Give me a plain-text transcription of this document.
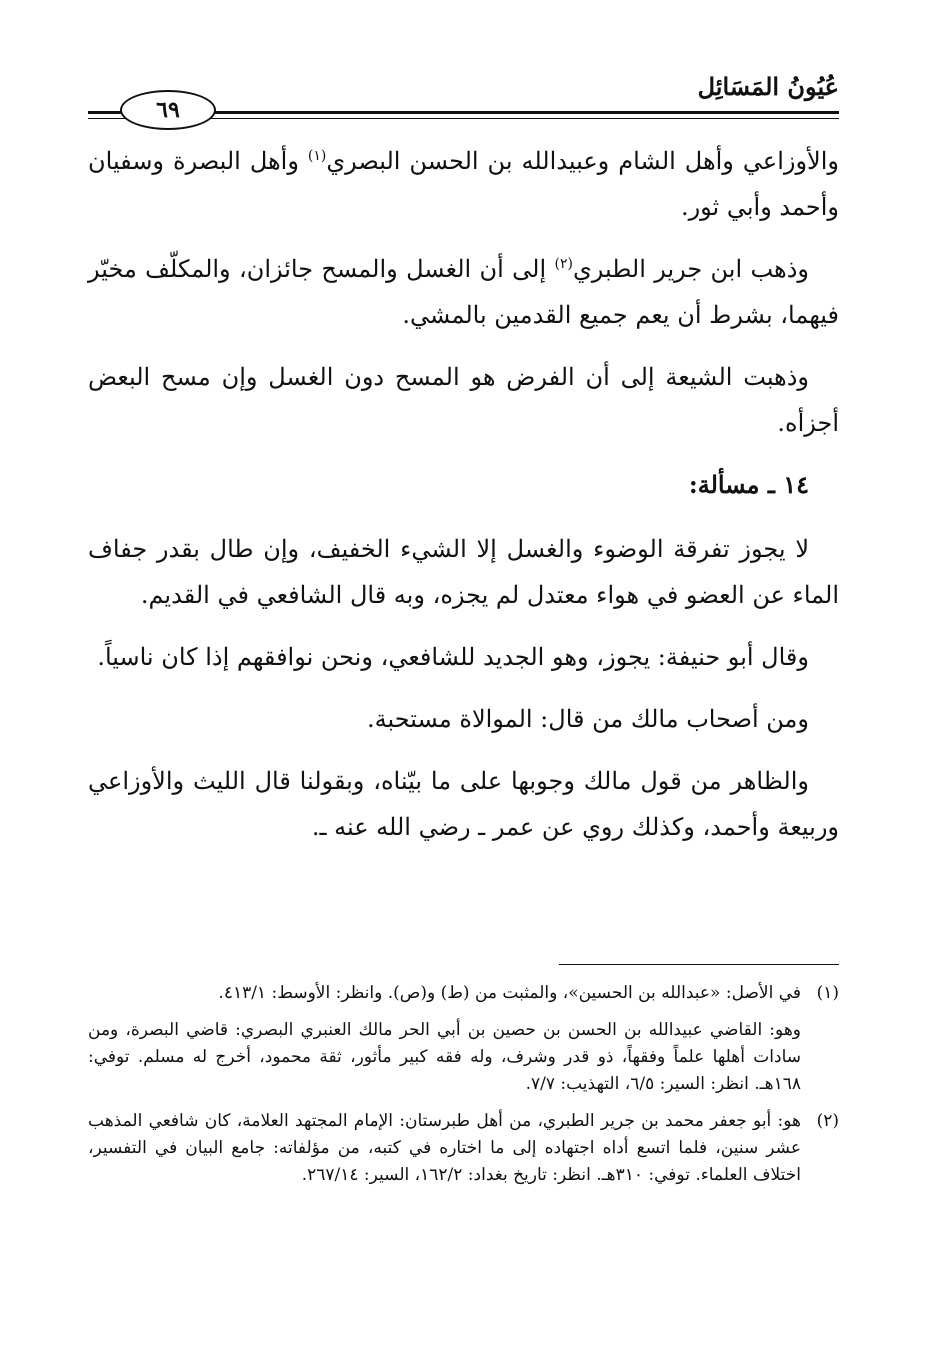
عُيُونُ المَسَائِل
٦٩

والأوزاعي وأهل الشام وعبيدالله بن الحسن البصري$^{(١)}$ وأهل البصرة وسفيان وأحمد وأبي ثور.

وذهب ابن جرير الطبري$^{(٢)}$ إلى أن الغسل والمسح جائزان، والمكلّف مخيّر فيهما، بشرط أن يعم جميع القدمين بالمشي.

وذهبت الشيعة إلى أن الفرض هو المسح دون الغسل وإن مسح البعض أجزأه.

١٤ ـ مسألة:

لا يجوز تفرقة الوضوء والغسل إلا الشيء الخفيف، وإن طال بقدر جفاف الماء عن العضو في هواء معتدل لم يجزه، وبه قال الشافعي في القديم.

وقال أبو حنيفة: يجوز، وهو الجديد للشافعي، ونحن نوافقهم إذا كان ناسياً.

ومن أصحاب مالك من قال: الموالاة مستحبة.

والظاهر من قول مالك وجوبها على ما بيّناه، وبقولنا قال الليث والأوزاعي وربيعة وأحمد، وكذلك روي عن عمر ـ رضي الله عنه ـ.

(١)
في الأصل: «عبدالله بن الحسين»، والمثبت من (ط) و(ص). وانظر: الأوسط: ٤١٣/١.
وهو: القاضي عبيدالله بن الحسن بن حصين بن أبي الحر مالك العنبري البصري: قاضي البصرة، ومن سادات أهلها علماً وفقهاً، ذو قدر وشرف، وله فقه كبير مأثور، ثقة محمود، أخرج له مسلم. توفي: ١٦٨هـ. انظر: السير: ٦/٥، التهذيب: ٧/٧.
(٢)
هو: أبو جعفر محمد بن جرير الطبري، من أهل طبرستان: الإمام المجتهد العلامة، كان شافعي المذهب عشر سنين، فلما اتسع أداه اجتهاده إلى ما اختاره في كتبه، من مؤلفاته: جامع البيان في التفسير، اختلاف العلماء. توفي: ٣١٠هـ. انظر: تاريخ بغداد: ١٦٢/٢، السير: ٢٦٧/١٤.
